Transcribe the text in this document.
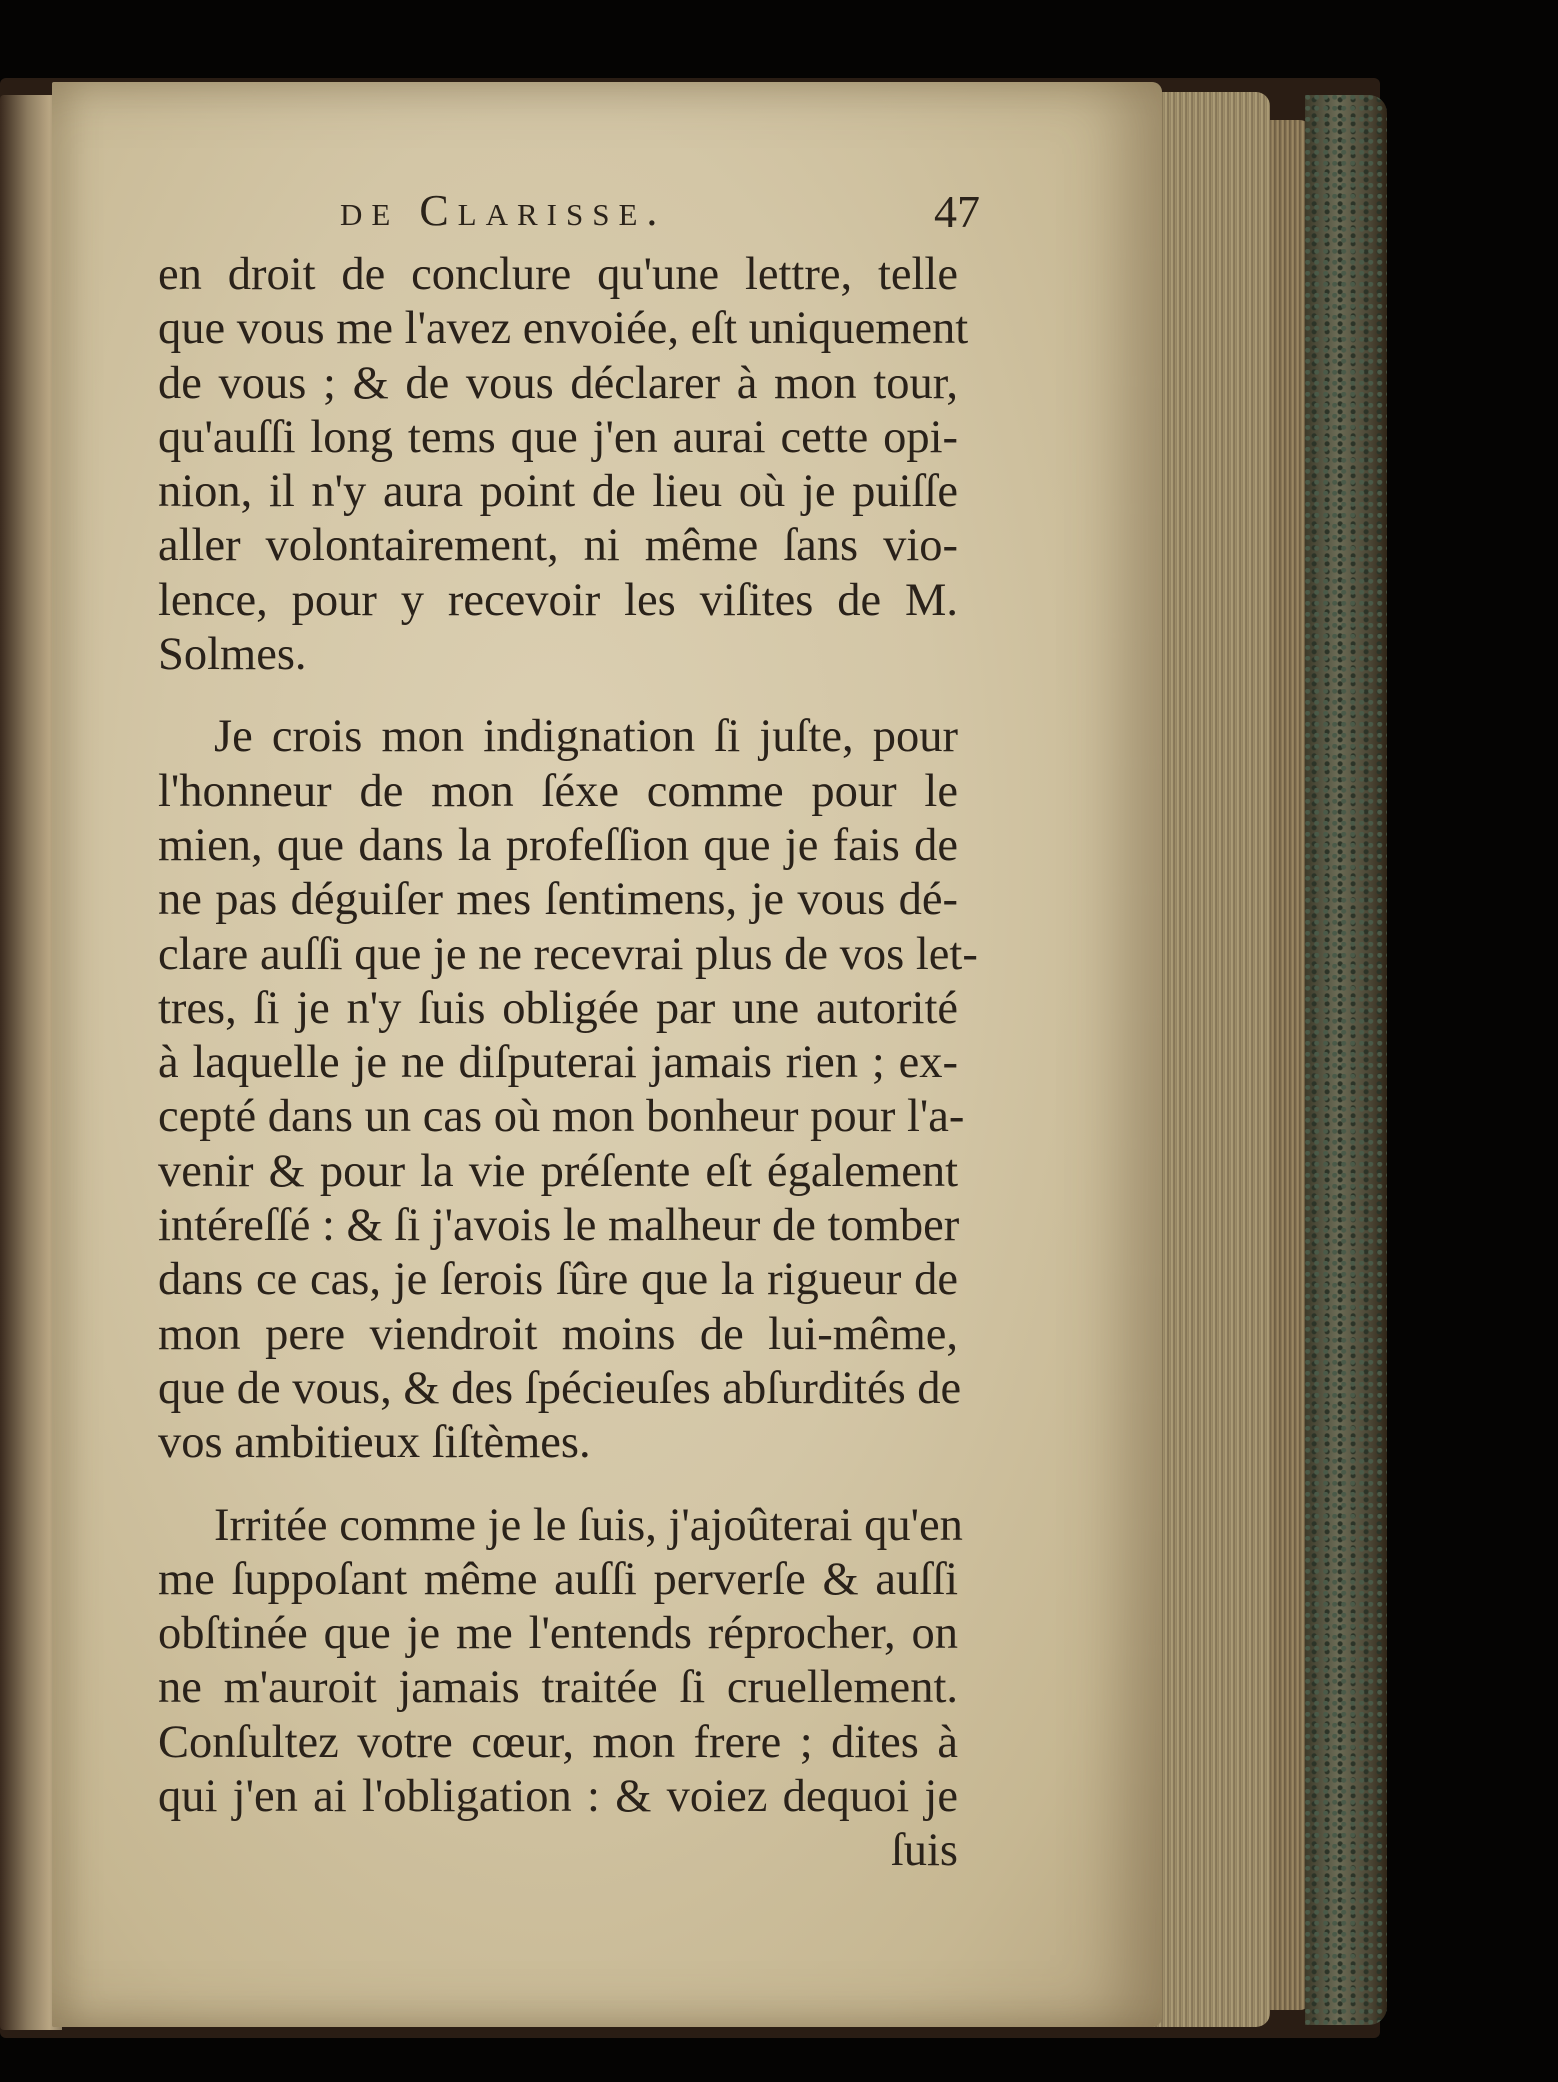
de Clarisse.	47
en droit de conclure qu'une lettre, telle
que vous me l'avez envoiée, eſt uniquement
de vous ; & de vous déclarer à mon tour,
qu'auſſi long tems que j'en aurai cette opi-
nion, il n'y aura point de lieu où je puiſſe
aller volontairement, ni même ſans vio-
lence, pour y recevoir les viſites de M.
Solmes.
Je crois mon indignation ſi juſte, pour
l'honneur de mon ſéxe comme pour le
mien, que dans la profeſſion que je fais de
ne pas déguiſer mes ſentimens, je vous dé-
clare auſſi que je ne recevrai plus de vos let-
tres, ſi je n'y ſuis obligée par une autorité
à laquelle je ne diſputerai jamais rien ; ex-
cepté dans un cas où mon bonheur pour l'a-
venir & pour la vie préſente eſt également
intéreſſé : & ſi j'avois le malheur de tomber
dans ce cas, je ſerois ſûre que la rigueur de
mon pere viendroit moins de lui-même,
que de vous, & des ſpécieuſes abſurdités de
vos ambitieux ſiſtèmes.
Irritée comme je le ſuis, j'ajoûterai qu'en
me ſuppoſant même auſſi perverſe & auſſi
obſtinée que je me l'entends réprocher, on
ne m'auroit jamais traitée ſi cruellement.
Conſultez votre cœur, mon frere ; dites à
qui j'en ai l'obligation : & voiez dequoi je
ſuis
